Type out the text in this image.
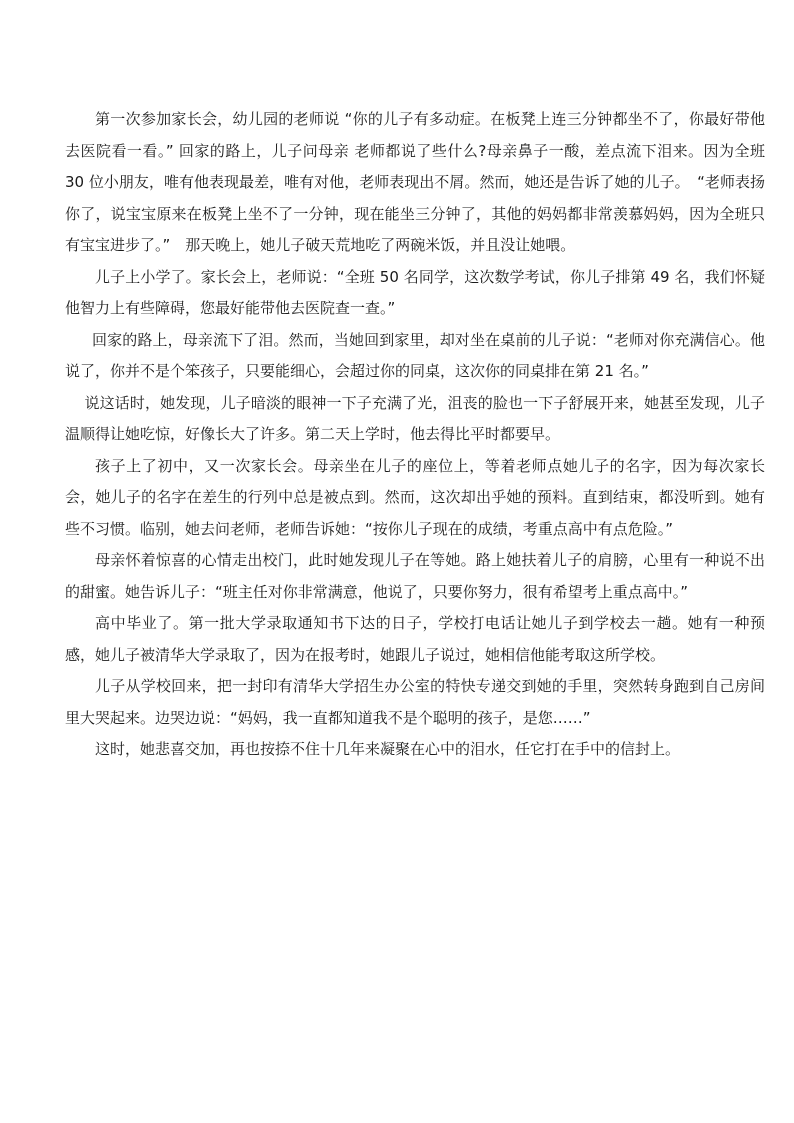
第一次参加家长会，幼儿园的老师说 “你的儿子有多动症。在板凳上连三分钟都坐不了，你最好带他去医院看一看。” 回家的路上，儿子问母亲 老师都说了些什么?母亲鼻子一酸，差点流下泪来。因为全班 30 位小朋友，唯有他表现最差，唯有对他，老师表现出不屑。然而，她还是告诉了她的儿子。　“老师表扬你了，说宝宝原来在板凳上坐不了一分钟，现在能坐三分钟了，其他的妈妈都非常羡慕妈妈，因为全班只有宝宝进步了。”　那天晚上，她儿子破天荒地吃了两碗米饭，并且没让她喂。

儿子上小学了。家长会上，老师说：“全班 50 名同学，这次数学考试，你儿子排第 49 名，我们怀疑他智力上有些障碍，您最好能带他去医院查一查。”

回家的路上，母亲流下了泪。然而，当她回到家里，却对坐在桌前的儿子说：“老师对你充满信心。他说了，你并不是个笨孩子，只要能细心，会超过你的同桌，这次你的同桌排在第 21 名。”

说这话时，她发现，儿子暗淡的眼神一下子充满了光，沮丧的脸也一下子舒展开来，她甚至发现，儿子温顺得让她吃惊，好像长大了许多。第二天上学时，他去得比平时都要早。

孩子上了初中，又一次家长会。母亲坐在儿子的座位上，等着老师点她儿子的名字，因为每次家长会，她儿子的名字在差生的行列中总是被点到。然而，这次却出乎她的预料。直到结束，都没听到。她有些不习惯。临别，她去问老师，老师告诉她：“按你儿子现在的成绩，考重点高中有点危险。”

母亲怀着惊喜的心情走出校门，此时她发现儿子在等她。路上她扶着儿子的肩膀，心里有一种说不出的甜蜜。她告诉儿子：“班主任对你非常满意，他说了，只要你努力，很有希望考上重点高中。”

高中毕业了。第一批大学录取通知书下达的日子，学校打电话让她儿子到学校去一趟。她有一种预感，她儿子被清华大学录取了，因为在报考时，她跟儿子说过，她相信他能考取这所学校。

儿子从学校回来，把一封印有清华大学招生办公室的特快专递交到她的手里，突然转身跑到自己房间里大哭起来。边哭边说：“妈妈，我一直都知道我不是个聪明的孩子，是您……”

这时，她悲喜交加，再也按捺不住十几年来凝聚在心中的泪水，任它打在手中的信封上。
